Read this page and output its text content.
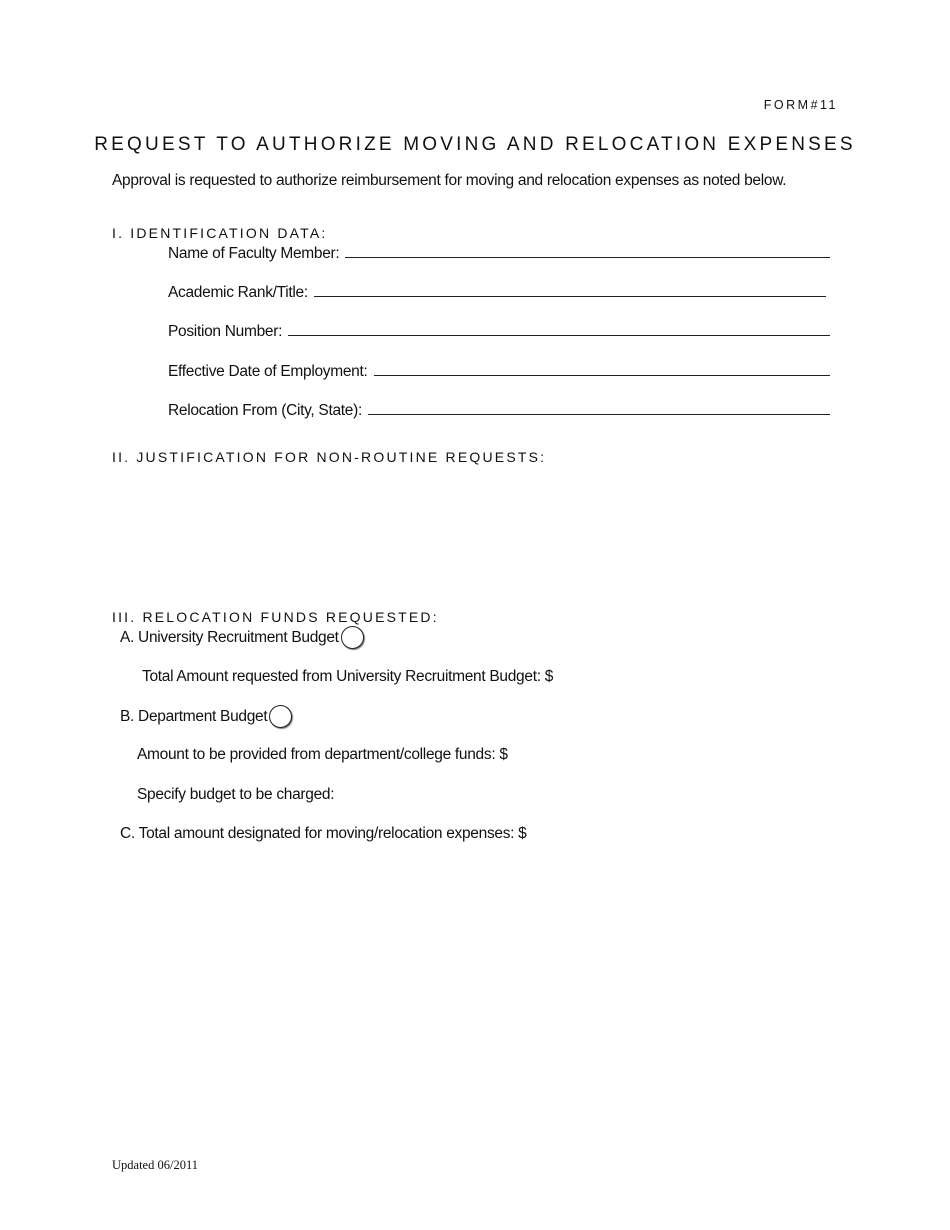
FORM#11
REQUEST TO AUTHORIZE MOVING AND RELOCATION EXPENSES
Approval is requested to authorize reimbursement for moving and relocation expenses as noted below.
I. IDENTIFICATION DATA:
Name of Faculty Member:
Academic Rank/Title:
Position Number:
Effective Date of Employment:
Relocation From (City, State):
II. JUSTIFICATION FOR NON-ROUTINE REQUESTS:
III. RELOCATION FUNDS REQUESTED:
A. University Recruitment Budget
Total Amount requested from University Recruitment Budget: $
B. Department Budget
Amount to be provided from department/college funds: $
Specify budget to be charged:
C. Total amount designated for moving/relocation expenses: $
Updated 06/2011
